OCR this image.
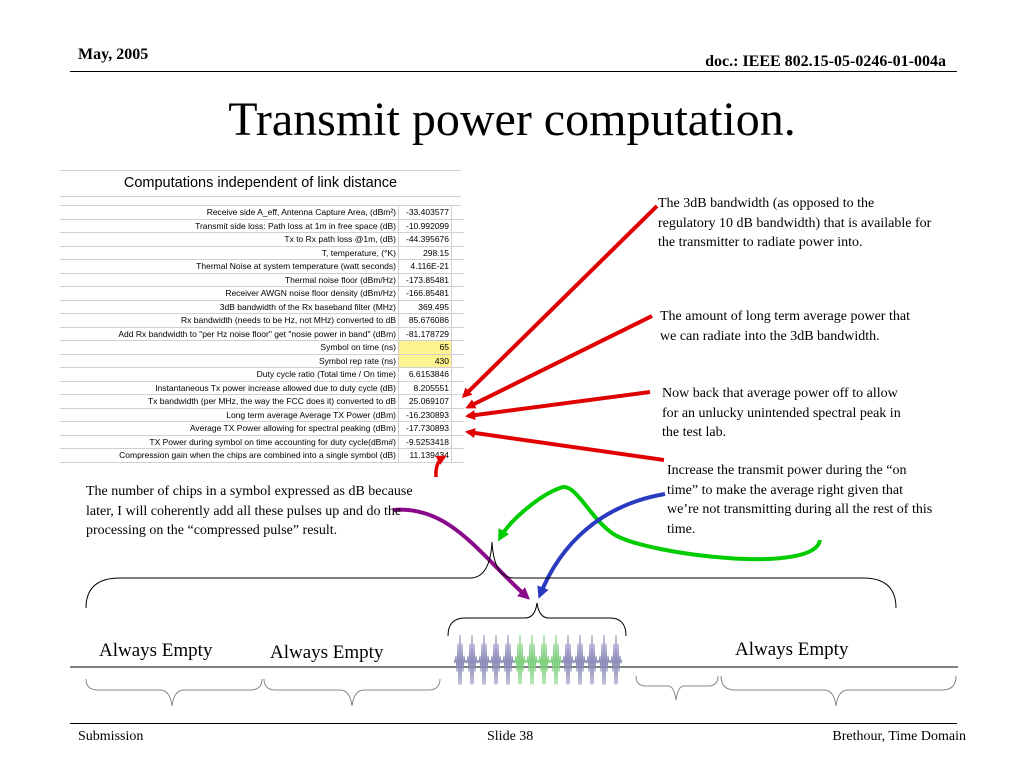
May, 2005	doc.: IEEE 802.15-05-0246-01-004a
Transmit power computation.
Computations independent of link distance
Receive side A_eff, Antenna Capture Area, (dBm²)	-33.403577	
Transmit side loss: Path loss at 1m in free space (dB)	-10.992099	
Tx to Rx path loss @1m, (dB)	-44.395676	
T, temperature, (°K)	298.15	
Thermal Noise at system temperature (watt seconds)	4.116E-21	
Thermal noise floor (dBm/Hz)	-173.85481	
Receiver AWGN noise floor density (dBm/Hz)	-166.85481	
3dB bandwidth of the Rx baseband filter (MHz)	369.495	
Rx bandwidth (needs to be Hz, not MHz) converted to dB	85.676086	
Add Rx bandwidth to "per Hz noise floor" get "nosie power in band" (dBm)	-81.178729	
Symbol on time (ns)	65	
Symbol rep rate (ns)	430	
Duty cycle ratio (Total time / On time)	6.6153846	
Instantaneous Tx power increase allowed due to duty cycle (dB)	8.205551	
Tx bandwidth (per MHz, the way the FCC does it) converted to dB	25.069107	
Long term average Average TX Power (dBm)	-16.230893	
Average TX Power allowing for spectral peaking (dBm)	-17.730893	
TX Power during symbol on time accounting for duty cycle(dBm#)	-9.5253418	
Compression gain when the chips are combined into a single symbol (dB)	11.139434	
The 3dB bandwidth (as opposed to the regulatory 10 dB bandwidth) that is available for the transmitter to radiate power into.
The amount of long term average power that we can radiate into the 3dB bandwidth.
Now back that average power off to allow for an unlucky unintended spectral peak in the test lab.
Increase the transmit power during the “on time” to make the average right given that we’re not transmitting during all the rest of this time.
The number of chips in a symbol expressed as dB because later, I will coherently add all these pulses up and do the processing on the “compressed pulse” result.
Always Empty	Always Empty	Always Empty
Submission	Slide 38	Brethour, Time Domain
